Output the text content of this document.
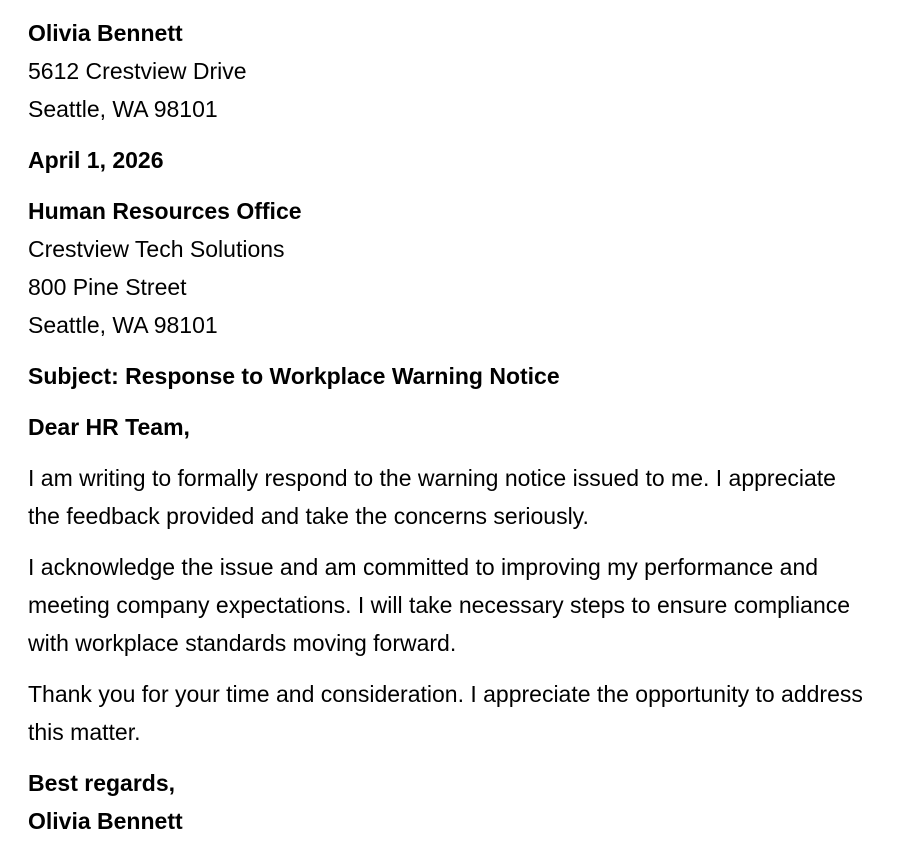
Olivia Bennett
5612 Crestview Drive
Seattle, WA 98101
April 1, 2026
Human Resources Office
Crestview Tech Solutions
800 Pine Street
Seattle, WA 98101
Subject: Response to Workplace Warning Notice
Dear HR Team,

I am writing to formally respond to the warning notice issued to me. I appreciate the feedback provided and take the concerns seriously.

I acknowledge the issue and am committed to improving my performance and meeting company expectations. I will take necessary steps to ensure compliance with workplace standards moving forward.

Thank you for your time and consideration. I appreciate the opportunity to address this matter.

Best regards,
Olivia Bennett
